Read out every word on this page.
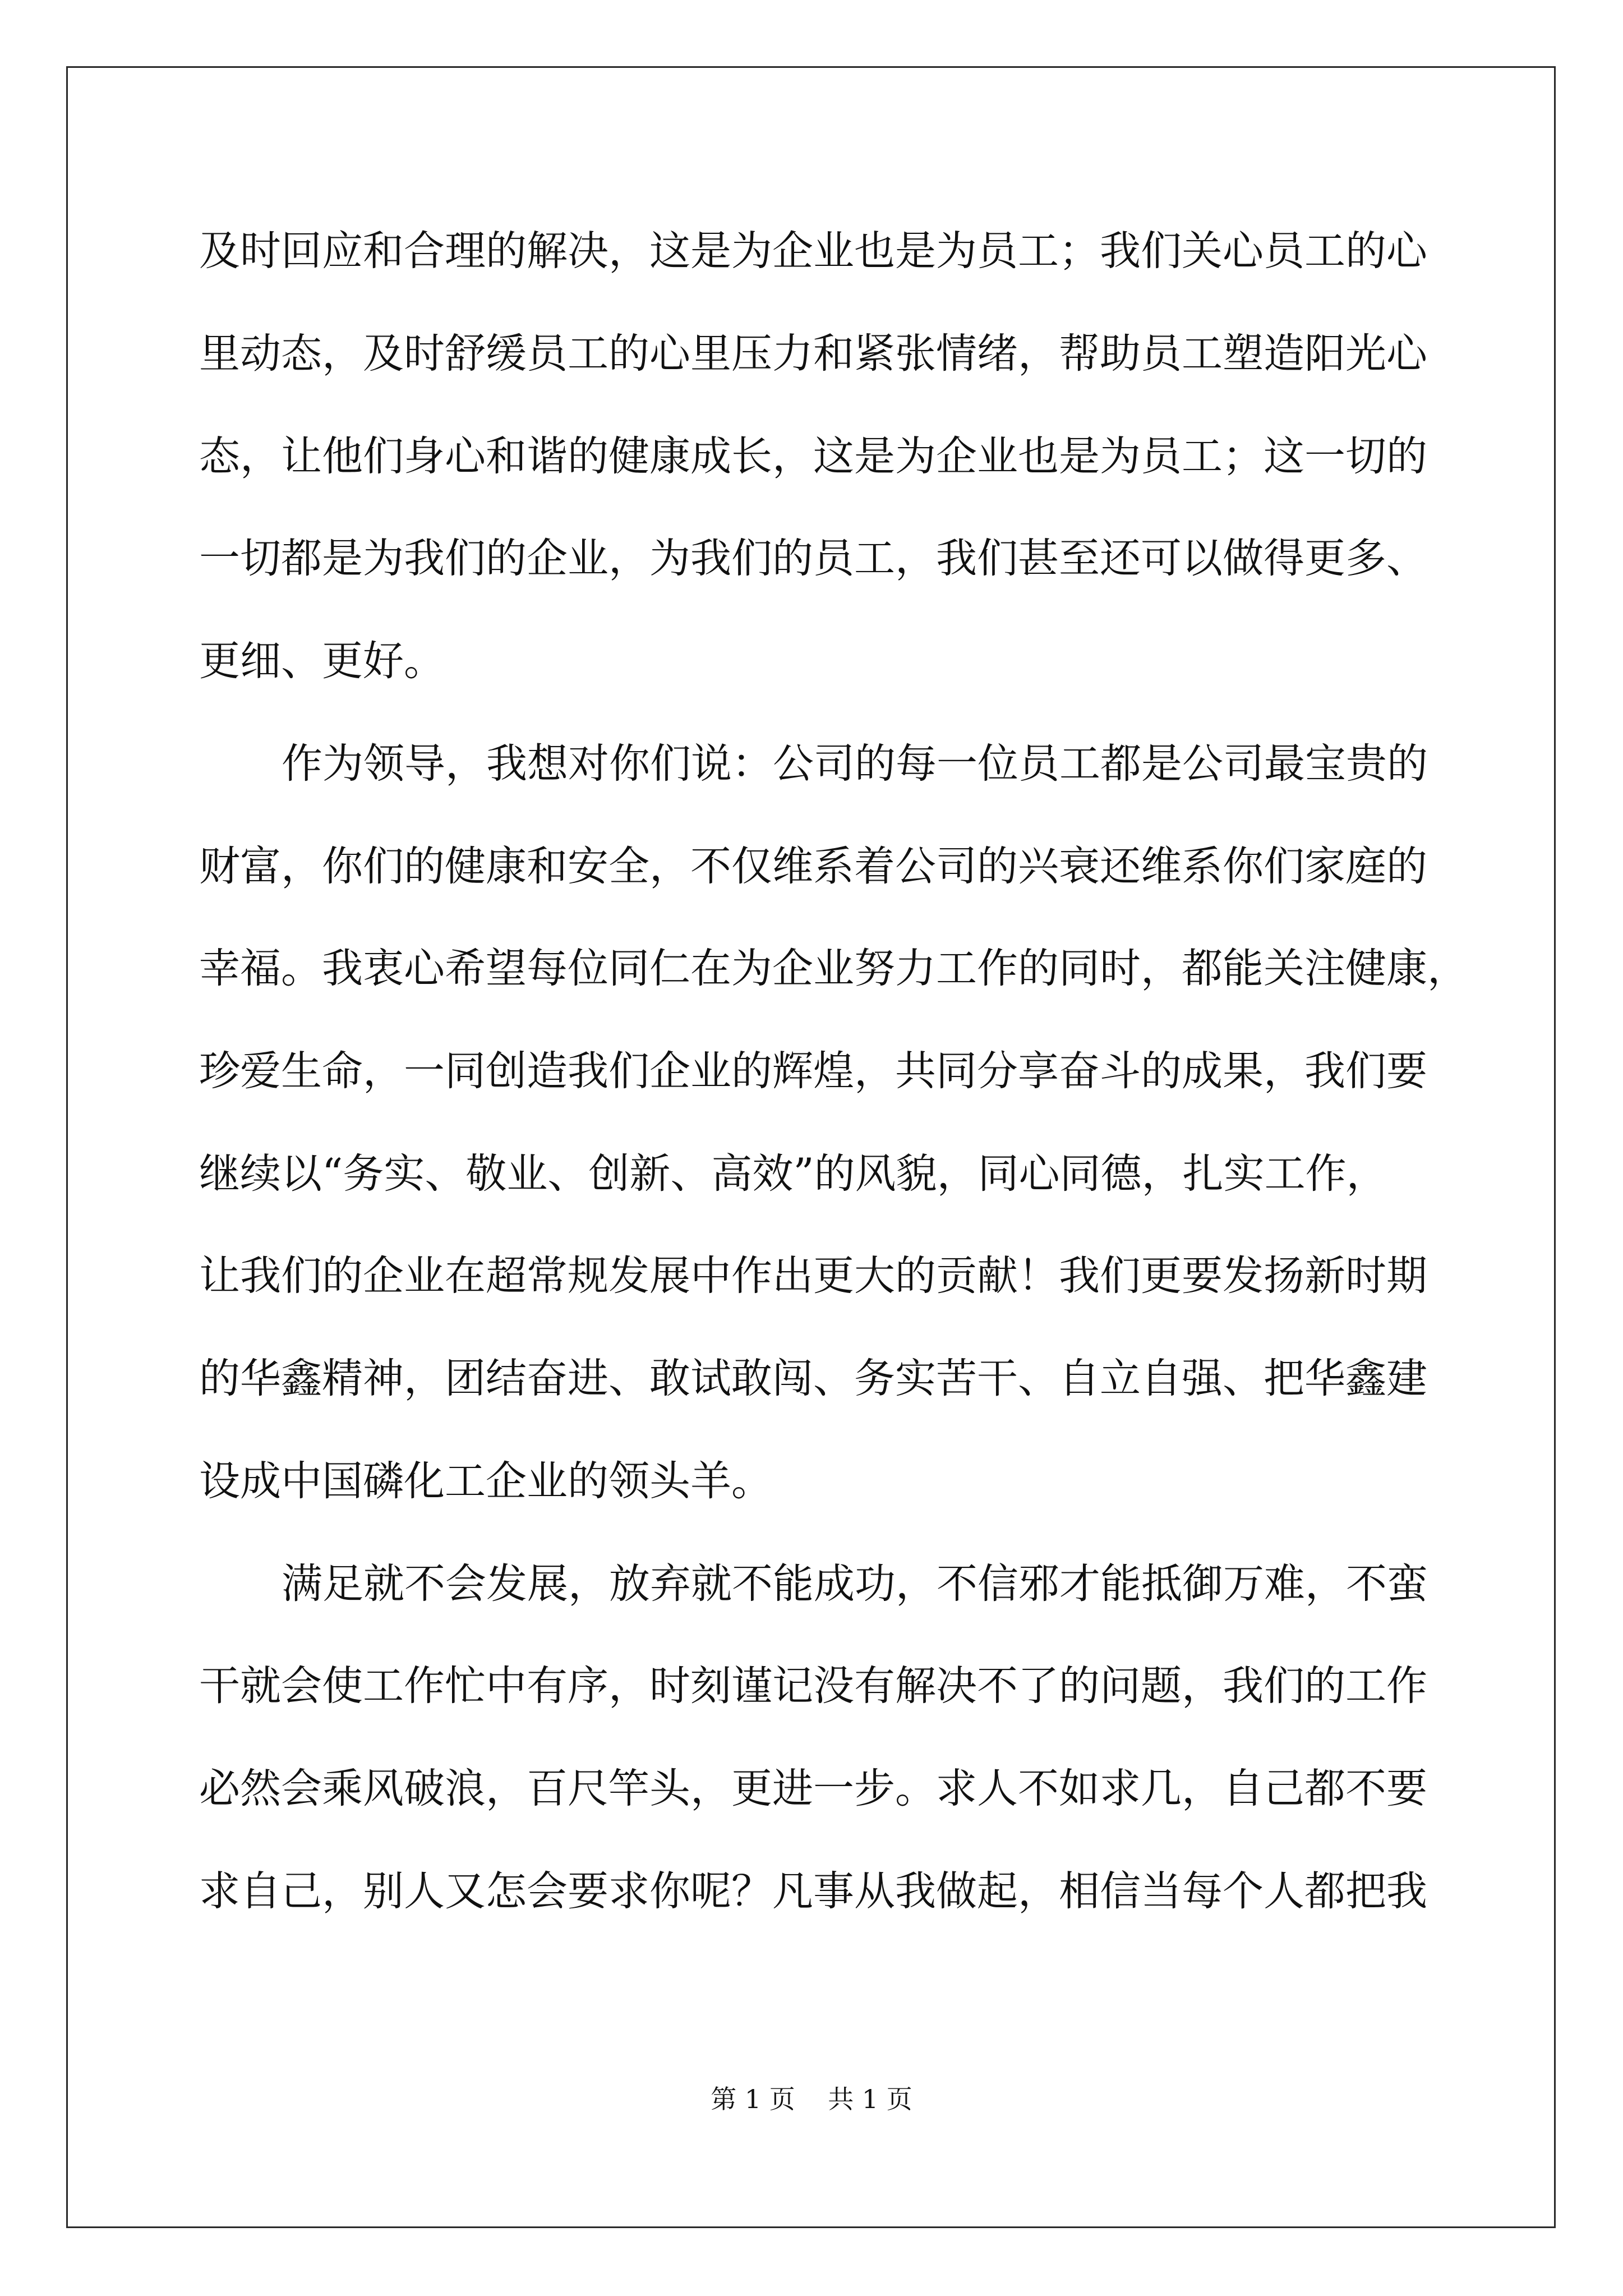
及时回应和合理的解决，这是为企业也是为员工；我们关心员工的心
里动态，及时舒缓员工的心里压力和紧张情绪，帮助员工塑造阳光心
态，让他们身心和谐的健康成长，这是为企业也是为员工；这一切的
一切都是为我们的企业，为我们的员工，我们甚至还可以做得更多、
更细、更好。
作为领导，我想对你们说：公司的每一位员工都是公司最宝贵的
财富，你们的健康和安全，不仅维系着公司的兴衰还维系你们家庭的
幸福。我衷心希望每位同仁在为企业努力工作的同时，都能关注健康，
珍爱生命，一同创造我们企业的辉煌，共同分享奋斗的成果，我们要
继续以“务实、敬业、创新、高效”的风貌，同心同德，扎实工作，
让我们的企业在超常规发展中作出更大的贡献！我们更要发扬新时期
的华鑫精神，团结奋进、敢试敢闯、务实苦干、自立自强、把华鑫建
设成中国磷化工企业的领头羊。
满足就不会发展，放弃就不能成功，不信邪才能抵御万难，不蛮
干就会使工作忙中有序，时刻谨记没有解决不了的问题，我们的工作
必然会乘风破浪，百尺竿头，更进一步。求人不如求几，自己都不要
求自己，别人又怎会要求你呢？凡事从我做起，相信当每个人都把我
第 1 页    共 1 页
